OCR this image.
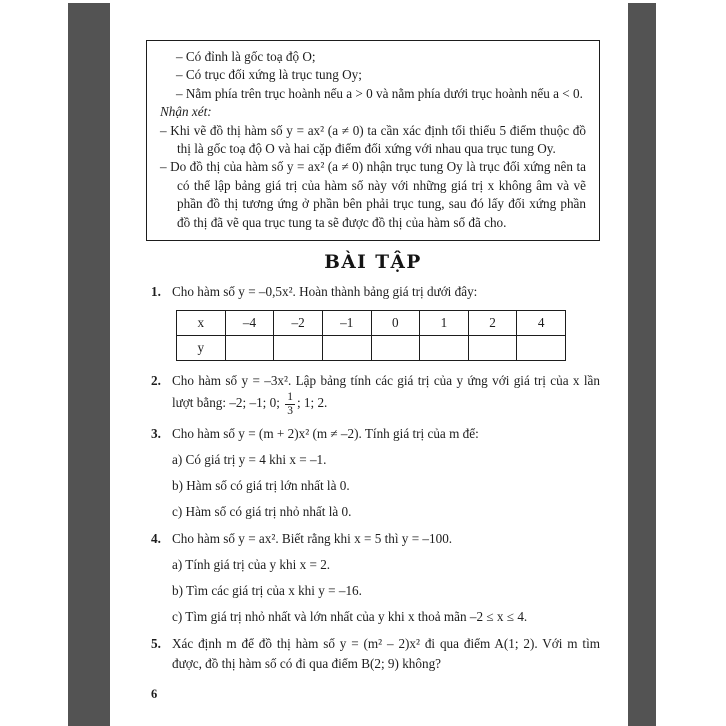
– Có đỉnh là gốc toạ độ O;

– Có trục đối xứng là trục tung Oy;

– Nằm phía trên trục hoành nếu a > 0 và nằm phía dưới trục hoành nếu a < 0.

Nhận xét:

– Khi vẽ đồ thị hàm số y = ax² (a ≠ 0) ta cần xác định tối thiểu 5 điểm thuộc đồ thị là gốc toạ độ O và hai cặp điểm đối xứng với nhau qua trục tung Oy.

– Do đồ thị của hàm số y = ax² (a ≠ 0) nhận trục tung Oy là trục đối xứng nên ta có thể lập bảng giá trị của hàm số này với những giá trị x không âm và vẽ phần đồ thị tương ứng ở phần bên phải trục tung, sau đó lấy đối xứng phần đồ thị đã vẽ qua trục tung ta sẽ được đồ thị của hàm số đã cho.

BÀI TẬP
1. Cho hàm số y = –0,5x². Hoàn thành bảng giá trị dưới đây:
x	–4	–2	–1	0	1	2	4
y							
2. Cho hàm số y = –3x². Lập bảng tính các giá trị của y ứng với giá trị của x lần lượt bằng: –2; –1; 0; $\frac{1}{3}$ ; 1; 2.
3. Cho hàm số y = (m + 2)x² (m ≠ –2). Tính giá trị của m để:
a) Có giá trị y = 4 khi x = –1.
b) Hàm số có giá trị lớn nhất là 0.
c) Hàm số có giá trị nhỏ nhất là 0.
4. Cho hàm số y = ax². Biết rằng khi x = 5 thì y = –100.
a) Tính giá trị của y khi x = 2.
b) Tìm các giá trị của x khi y = –16.
c) Tìm giá trị nhỏ nhất và lớn nhất của y khi x thoả mãn –2 ≤ x ≤ 4.
5. Xác định m để đồ thị hàm số y = (m² – 2)x² đi qua điểm A(1; 2). Với m tìm được, đồ thị hàm số có đi qua điểm B(2; 9) không?
6
